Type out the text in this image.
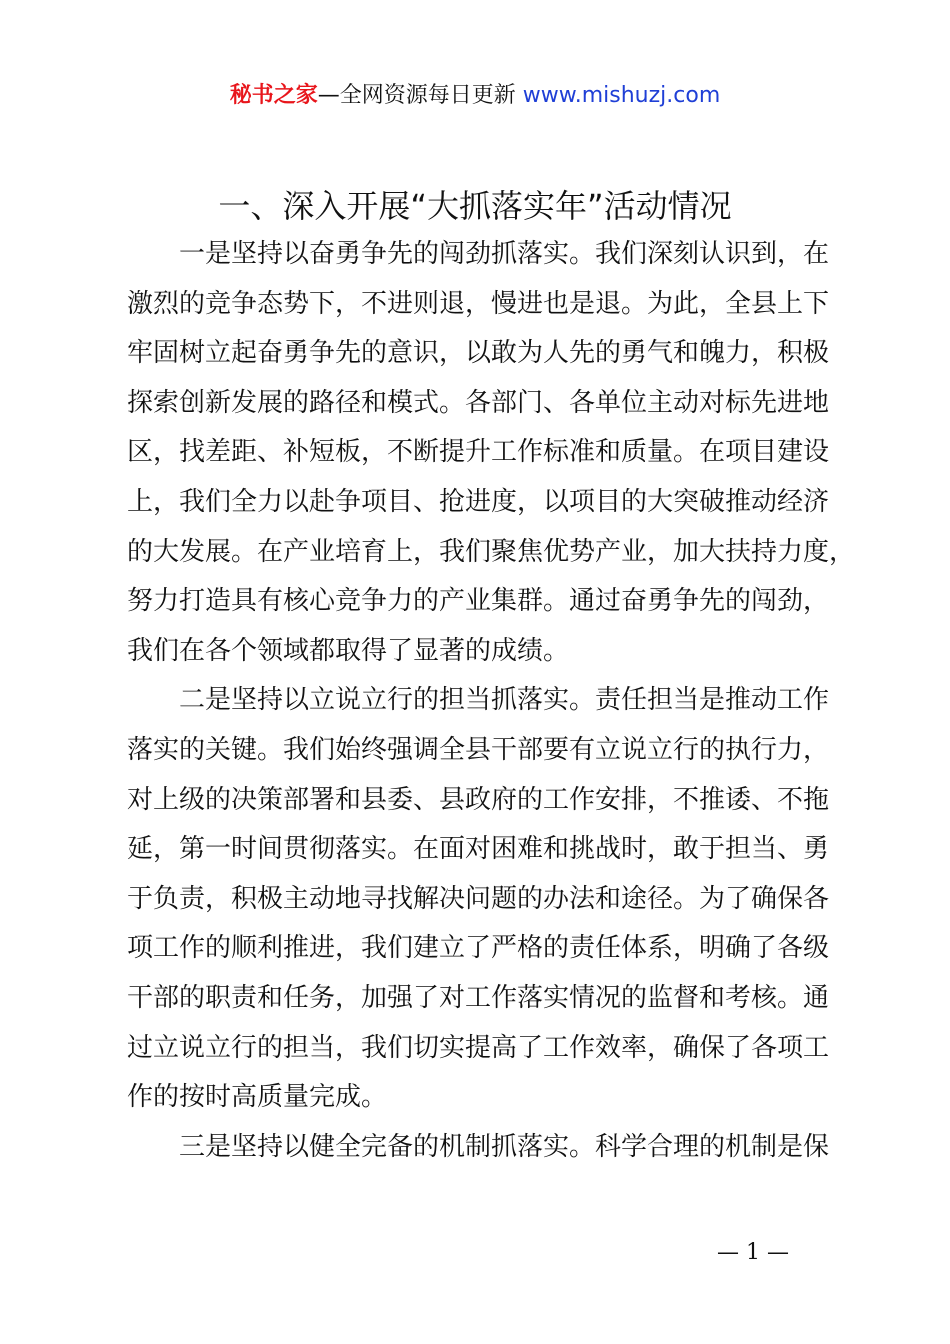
秘书之家—全网资源每日更新 www.mishuzj.com
一、深入开展“大抓落实年”活动情况
一是坚持以奋勇争先的闯劲抓落实。我们深刻认识到，在
激烈的竞争态势下，不进则退，慢进也是退。为此，全县上下
牢固树立起奋勇争先的意识，以敢为人先的勇气和魄力，积极
探索创新发展的路径和模式。各部门、各单位主动对标先进地
区，找差距、补短板，不断提升工作标准和质量。在项目建设
上，我们全力以赴争项目、抢进度，以项目的大突破推动经济
的大发展。在产业培育上，我们聚焦优势产业，加大扶持力度，
努力打造具有核心竞争力的产业集群。通过奋勇争先的闯劲，
我们在各个领域都取得了显著的成绩。
二是坚持以立说立行的担当抓落实。责任担当是推动工作
落实的关键。我们始终强调全县干部要有立说立行的执行力，
对上级的决策部署和县委、县政府的工作安排，不推诿、不拖
延，第一时间贯彻落实。在面对困难和挑战时，敢于担当、勇
于负责，积极主动地寻找解决问题的办法和途径。为了确保各
项工作的顺利推进，我们建立了严格的责任体系，明确了各级
干部的职责和任务，加强了对工作落实情况的监督和考核。通
过立说立行的担当，我们切实提高了工作效率，确保了各项工
作的按时高质量完成。
三是坚持以健全完备的机制抓落实。科学合理的机制是保
— 1 —
